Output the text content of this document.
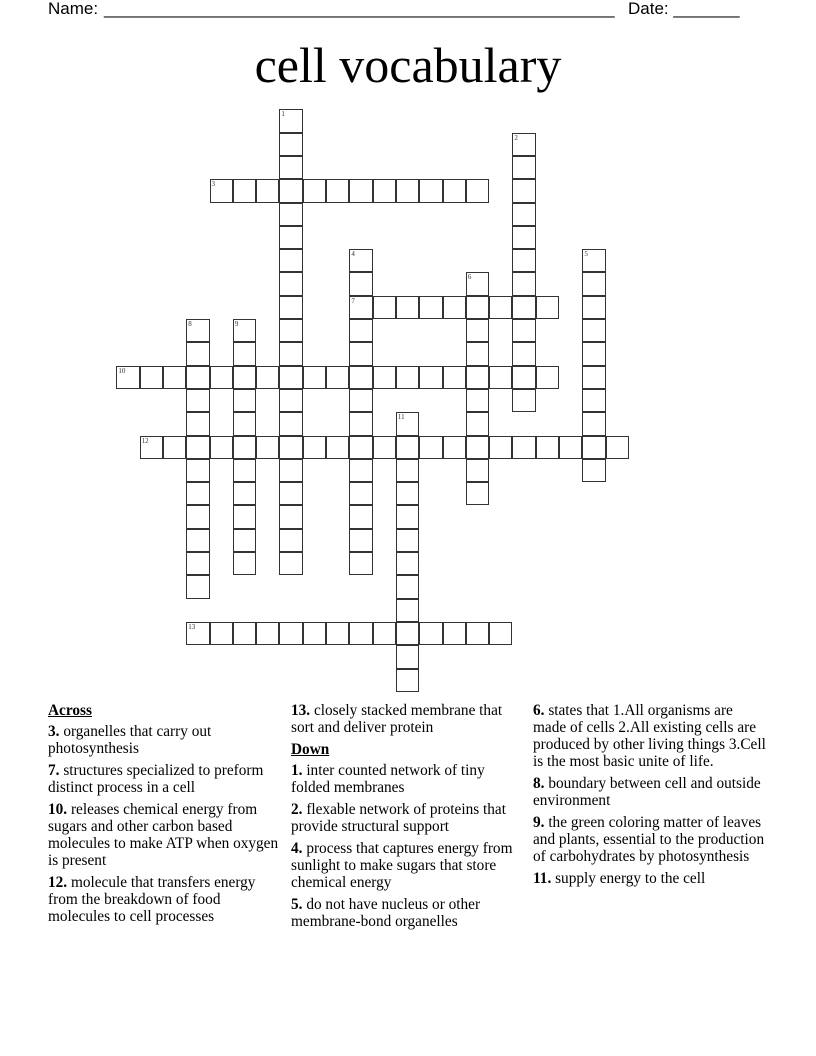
Name: ______________________________________________________ Date: _______
cell vocabulary
1
2
3
4
7
5
6
8	9
10
11
12
13
Across
3. organelles that carry out photosynthesis
7. structures specialized to preform distinct process in a cell
10. releases chemical energy from sugars and other carbon based molecules to make ATP when oxygen is present
12. molecule that transfers energy from the breakdown of food molecules to cell processes
13. closely stacked membrane that sort and deliver protein
Down
1. inter counted network of tiny folded membranes
2. flexable network of proteins that provide structural support
4. process that captures energy from sunlight to make sugars that store chemical energy
5. do not have nucleus or other membrane-bond organelles
6. states that 1.All organisms are made of cells 2.All existing cells are produced by other living things 3.Cell is the most basic unite of life.
8. boundary between cell and outside environment
9. the green coloring matter of leaves and plants, essential to the production of carbohydrates by photosynthesis
11. supply energy to the cell
